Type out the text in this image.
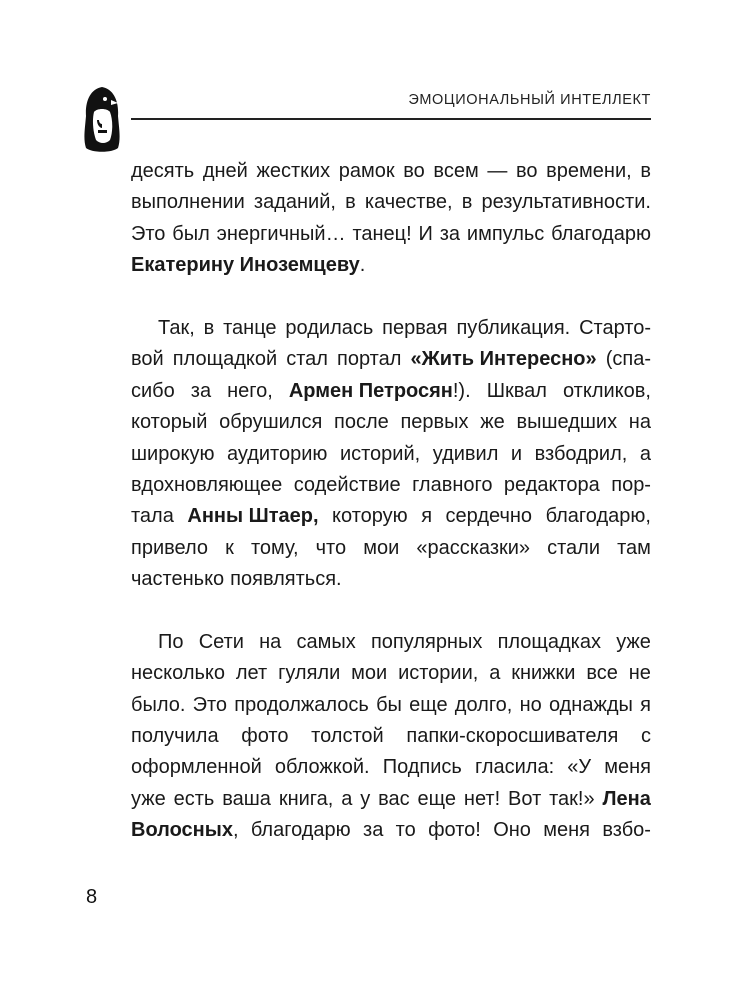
ЭМОЦИОНАЛЬНЫЙ ИНТЕЛЛЕКТ
десять дней жестких рамок во всем — во времени, в
выполнении заданий, в качестве, в результативности.
Это был энергичный… танец! И за импульс благодарю
Екатерину Иноземцеву.
Так, в танце родилась первая публикация. Старто-
вой площадкой стал портал «Жить Интересно» (спа-
сибо за него, Армен Петросян!). Шквал откликов,
который обрушился после первых же вышедших на
широкую аудиторию историй, удивил и взбодрил, а
вдохновляющее содействие главного редактора пор-
тала Анны Штаер, которую я сердечно благодарю,
привело к тому, что мои «рассказки» стали там
частенько появляться.
По Сети на самых популярных площадках уже
несколько лет гуляли мои истории, а книжки все не
было. Это продолжалось бы еще долго, но однажды я
получила фото толстой папки-скоросшивателя с
оформленной обложкой. Подпись гласила: «У меня
уже есть ваша книга, а у вас еще нет! Вот так!» Лена
Волосных, благодарю за то фото! Оно меня взбо-
8
